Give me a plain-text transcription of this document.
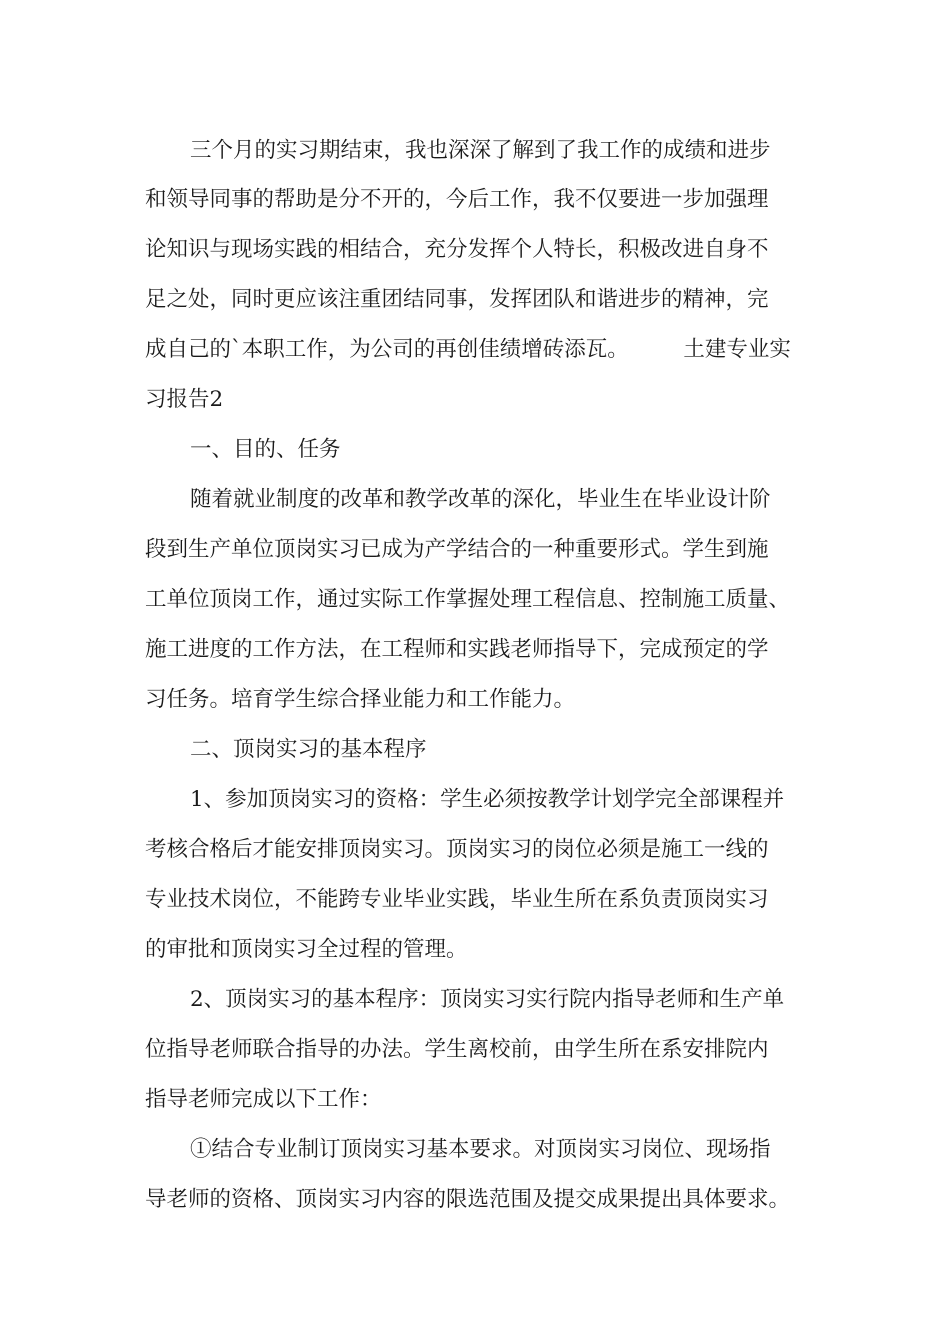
三个月的实习期结束，我也深深了解到了我工作的成绩和进步

和领导同事的帮助是分不开的，今后工作，我不仅要进一步加强理

论知识与现场实践的相结合，充分发挥个人特长，积极改进自身不

足之处，同时更应该注重团结同事，发挥团队和谐进步的精神，完

成自己的`本职工作，为公司的再创佳绩增砖添瓦。        土建专业实

习报告2

一、目的、任务

随着就业制度的改革和教学改革的深化，毕业生在毕业设计阶

段到生产单位顶岗实习已成为产学结合的一种重要形式。学生到施

工单位顶岗工作，通过实际工作掌握处理工程信息、控制施工质量、

施工进度的工作方法，在工程师和实践老师指导下，完成预定的学

习任务。培育学生综合择业能力和工作能力。

二、顶岗实习的基本程序

1、参加顶岗实习的资格：学生必须按教学计划学完全部课程并

考核合格后才能安排顶岗实习。顶岗实习的岗位必须是施工一线的

专业技术岗位，不能跨专业毕业实践，毕业生所在系负责顶岗实习

的审批和顶岗实习全过程的管理。

2、顶岗实习的基本程序：顶岗实习实行院内指导老师和生产单

位指导老师联合指导的办法。学生离校前，由学生所在系安排院内

指导老师完成以下工作：

①结合专业制订顶岗实习基本要求。对顶岗实习岗位、现场指

导老师的资格、顶岗实习内容的限选范围及提交成果提出具体要求。
